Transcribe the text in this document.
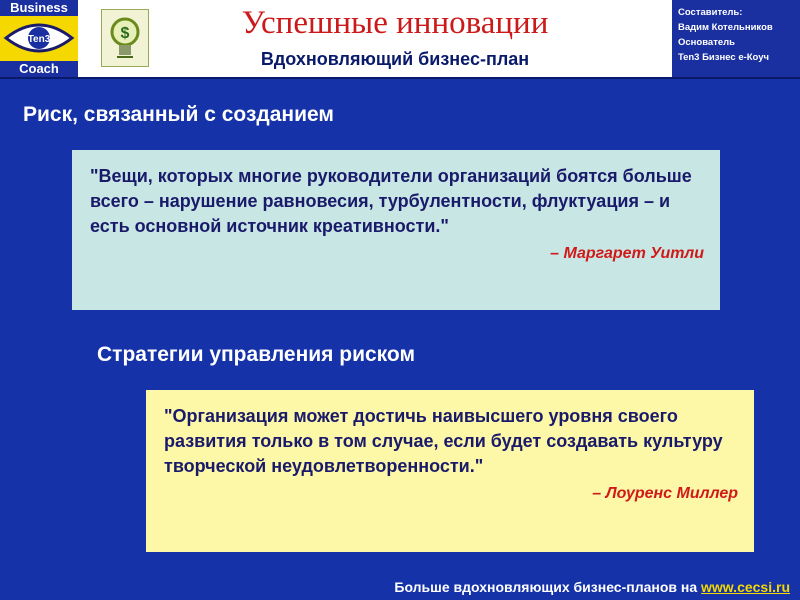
Business
Ten3
Coach
$	Успешные инновации
Вдохновляющий бизнес-план
Составитель:
Вадим Котельников
Основатель
Ten3 Бизнес e-Коуч
Риск, связанный с созданием
"Вещи, которых многие руководители организаций боятся больше всего – нарушение равновесия, турбулентности, флуктуация – и есть основной источник креативности."
– Маргарет Уитли
Стратегии управления риском
"Организация может достичь наивысшего уровня своего развития только в том случае, если будет создавать культуру творческой неудовлетворенности."
– Лоуренс Миллер
Больше вдохновляющих бизнес-планов на www.cecsi.ru
